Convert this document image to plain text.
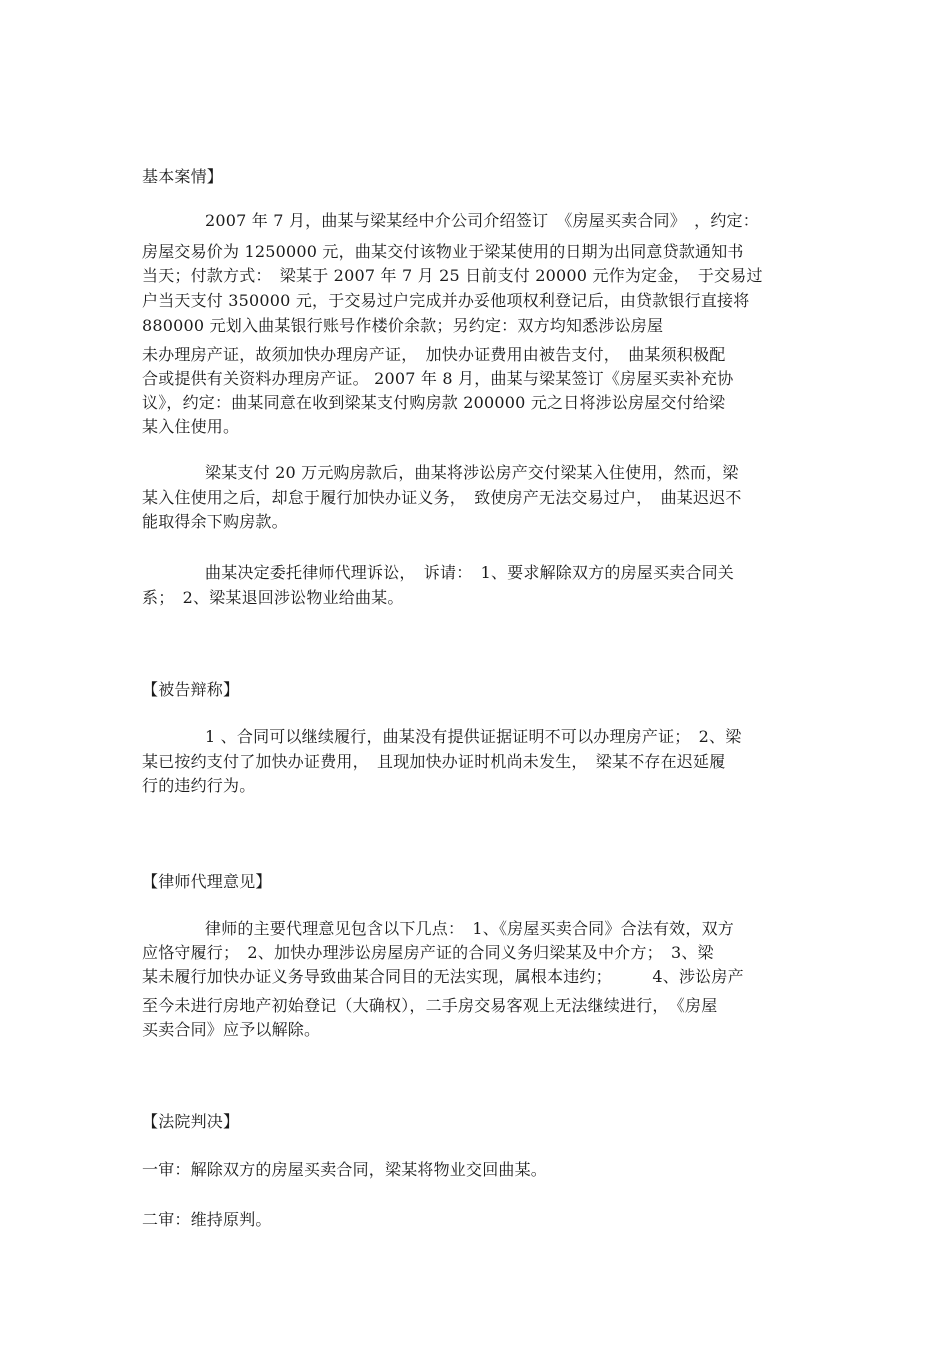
基本案情】
2007 年 7 月，曲某与梁某经中介公司介绍签订　《房屋买卖合同》　，约定：
房屋交易价为 1250000 元，曲某交付该物业于梁某使用的日期为出同意贷款通知书
当天；付款方式：　梁某于 2007 年 7 月 25 日前支付 20000 元作为定金，　于交易过
户当天支付 350000 元，于交易过户完成并办妥他项权利登记后，由贷款银行直接将
880000 元划入曲某银行账号作楼价余款；另约定：双方均知悉涉讼房屋
未办理房产证，故须加快办理房产证，　加快办证费用由被告支付，　曲某须积极配
合或提供有关资料办理房产证。 2007 年 8 月，曲某与梁某签订《房屋买卖补充协
议》，约定：曲某同意在收到梁某支付购房款 200000 元之日将涉讼房屋交付给梁
某入住使用。
梁某支付 20 万元购房款后，曲某将涉讼房产交付梁某入住使用，然而，梁
某入住使用之后，却怠于履行加快办证义务，　致使房产无法交易过户，　曲某迟迟不
能取得余下购房款。
曲某决定委托律师代理诉讼，　诉请：　1、要求解除双方的房屋买卖合同关
系；　2、梁某退回涉讼物业给曲某。
【被告辩称】
1 、合同可以继续履行，曲某没有提供证据证明不可以办理房产证；　2、梁
某已按约支付了加快办证费用，　且现加快办证时机尚未发生，　梁某不存在迟延履
行的违约行为。
【律师代理意见】
律师的主要代理意见包含以下几点：　1、《房屋买卖合同》合法有效，双方
应恪守履行；　2、加快办理涉讼房屋房产证的合同义务归梁某及中介方；　3、梁
某未履行加快办证义务导致曲某合同目的无法实现，属根本违约；　　　4、涉讼房产
至今未进行房地产初始登记（大确权），二手房交易客观上无法继续进行，　《房屋
买卖合同》应予以解除。
【法院判决】
一审：解除双方的房屋买卖合同，梁某将物业交回曲某。
二审：维持原判。
